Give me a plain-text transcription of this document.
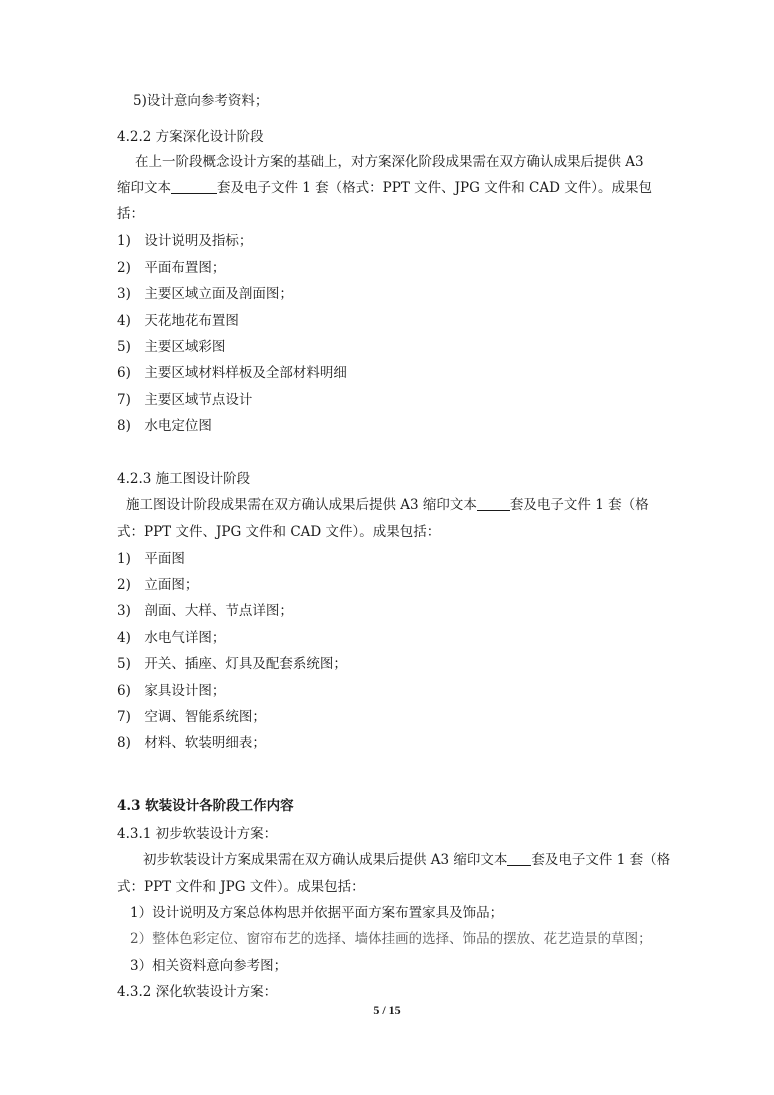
5)设计意向参考资料；
4.2.2 方案深化设计阶段
在上一阶段概念设计方案的基础上，对方案深化阶段成果需在双方确认成果后提供 A3
缩印文本	套及电子文件 1 套（格式：PPT 文件、JPG 文件和 CAD 文件）。成果包
括：
1)　设计说明及指标；
2)　平面布置图；
3)　主要区域立面及剖面图；
4)　天花地花布置图
5)　主要区域彩图
6)　主要区域材料样板及全部材料明细
7)　主要区域节点设计
8)　水电定位图
4.2.3 施工图设计阶段
施工图设计阶段成果需在双方确认成果后提供 A3 缩印文本 套及电子文件 1 套（格
式：PPT 文件、JPG 文件和 CAD 文件）。成果包括：
1)　平面图
2)　立面图；
3)　剖面、大样、节点详图；
4)　水电气详图；
5)　开关、插座、灯具及配套系统图；
6)　家具设计图；
7)　空调、智能系统图；
8)　材料、软装明细表；
4.3 软装设计各阶段工作内容
4.3.1 初步软装设计方案：
初步软装设计方案成果需在双方确认成果后提供 A3 缩印文本 套及电子文件 1 套（格
式：PPT 文件和 JPG 文件）。成果包括：
1）设计说明及方案总体构思并依据平面方案布置家具及饰品；
2）整体色彩定位、窗帘布艺的选择、墙体挂画的选择、饰品的摆放、花艺造景的草图；
3）相关资料意向参考图；
4.3.2 深化软装设计方案：
5 / 15
